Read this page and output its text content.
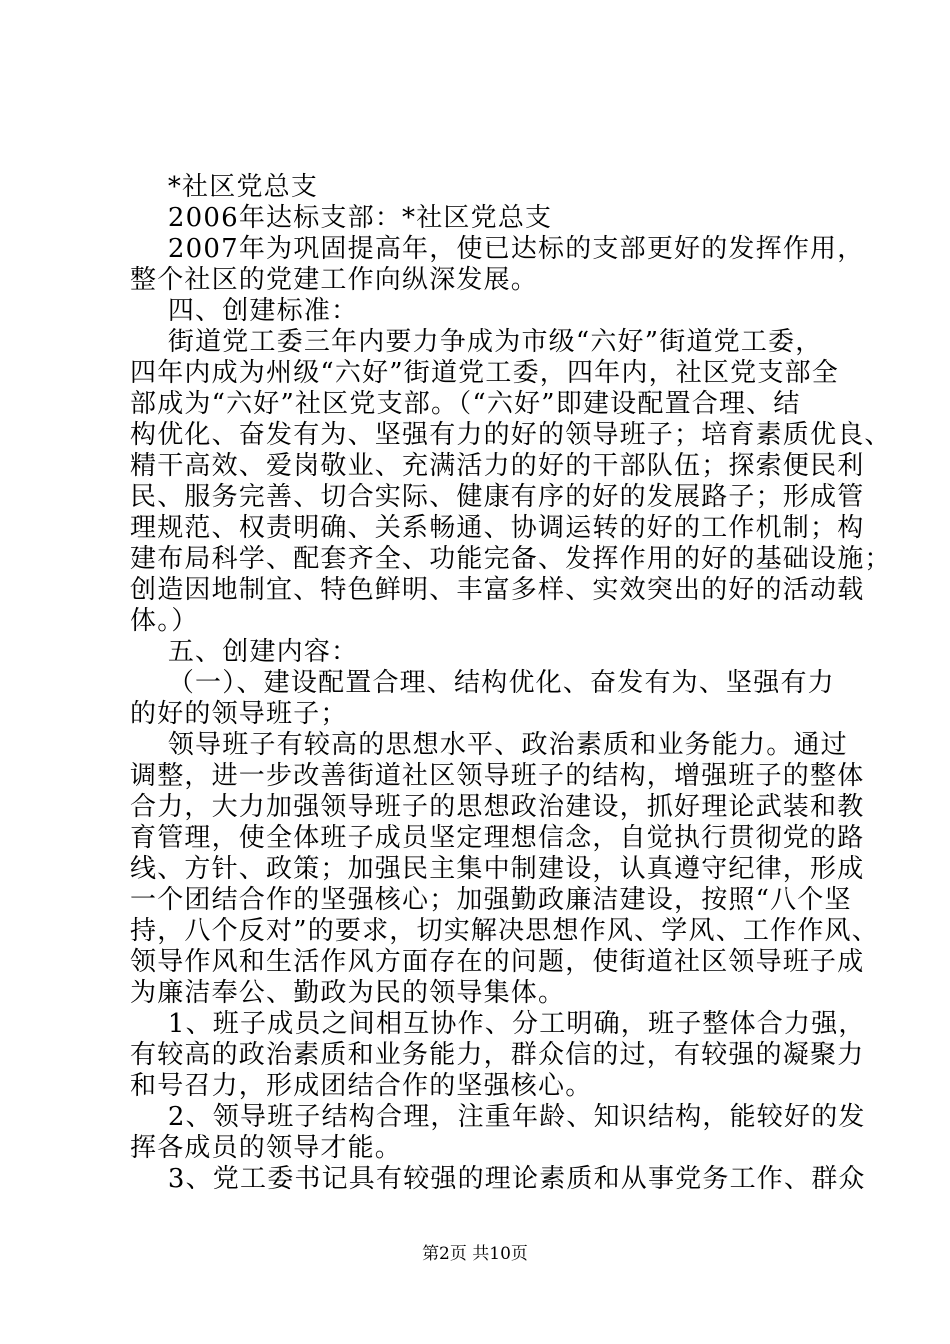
*社区党总支
2006年达标支部：*社区党总支
2007年为巩固提高年，使已达标的支部更好的发挥作用，
整个社区的党建工作向纵深发展。
四、创建标准：
街道党工委三年内要力争成为市级“六好”街道党工委，
四年内成为州级“六好”街道党工委，四年内，社区党支部全
部成为“六好”社区党支部。（“六好”即建设配置合理、结
构优化、奋发有为、坚强有力的好的领导班子；培育素质优良、
精干高效、爱岗敬业、充满活力的好的干部队伍；探索便民利
民、服务完善、切合实际、健康有序的好的发展路子；形成管
理规范、权责明确、关系畅通、协调运转的好的工作机制；构
建布局科学、配套齐全、功能完备、发挥作用的好的基础设施；
创造因地制宜、特色鲜明、丰富多样、实效突出的好的活动载
体。）
五、创建内容：
（一）、建设配置合理、结构优化、奋发有为、坚强有力
的好的领导班子；
领导班子有较高的思想水平、政治素质和业务能力。通过
调整，进一步改善街道社区领导班子的结构，增强班子的整体
合力，大力加强领导班子的思想政治建设，抓好理论武装和教
育管理，使全体班子成员坚定理想信念，自觉执行贯彻党的路
线、方针、政策；加强民主集中制建设，认真遵守纪律，形成
一个团结合作的坚强核心；加强勤政廉洁建设，按照“八个坚
持，八个反对”的要求，切实解决思想作风、学风、工作作风、
领导作风和生活作风方面存在的问题，使街道社区领导班子成
为廉洁奉公、勤政为民的领导集体。
1、班子成员之间相互协作、分工明确，班子整体合力强，
有较高的政治素质和业务能力，群众信的过，有较强的凝聚力
和号召力，形成团结合作的坚强核心。
2、领导班子结构合理，注重年龄、知识结构，能较好的发
挥各成员的领导才能。
3、党工委书记具有较强的理论素质和从事党务工作、群众
第2页 共10页
